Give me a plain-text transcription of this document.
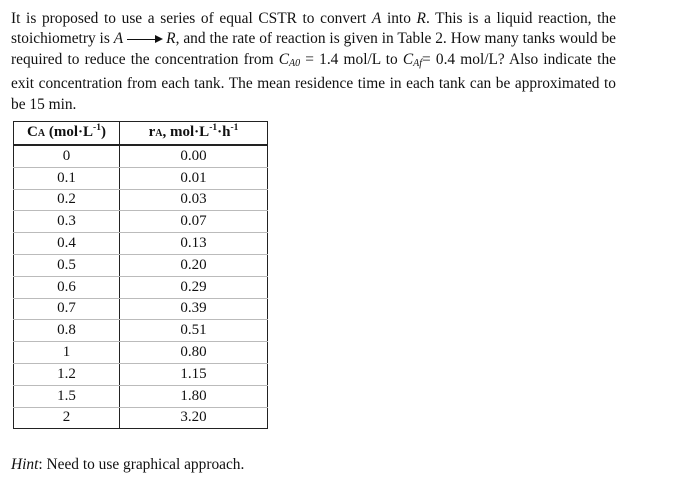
It is proposed to use a series of equal CSTR to convert A into R. This is a liquid reaction, the stoichiometry is A	R, and the rate of reaction is given in Table 2. How many tanks would be required to reduce the concentration from $C_{A0} = 1.4$ mol/L to $C_{Af}= 0.4$ mol/L? Also indicate the exit concentration from each tank. The mean residence time in each tank can be approximated to be 15 min.
CA $(mol\cdot L^{-1})$	rA, $mol\cdot L^{-1}\cdot h^{-1}$
0	0.00
0.1	0.01
0.2	0.03
0.3	0.07
0.4	0.13
0.5	0.20
0.6	0.29
0.7	0.39
0.8	0.51
1	0.80
1.2	1.15
1.5	1.80
2	3.20
Hint: Need to use graphical approach.
